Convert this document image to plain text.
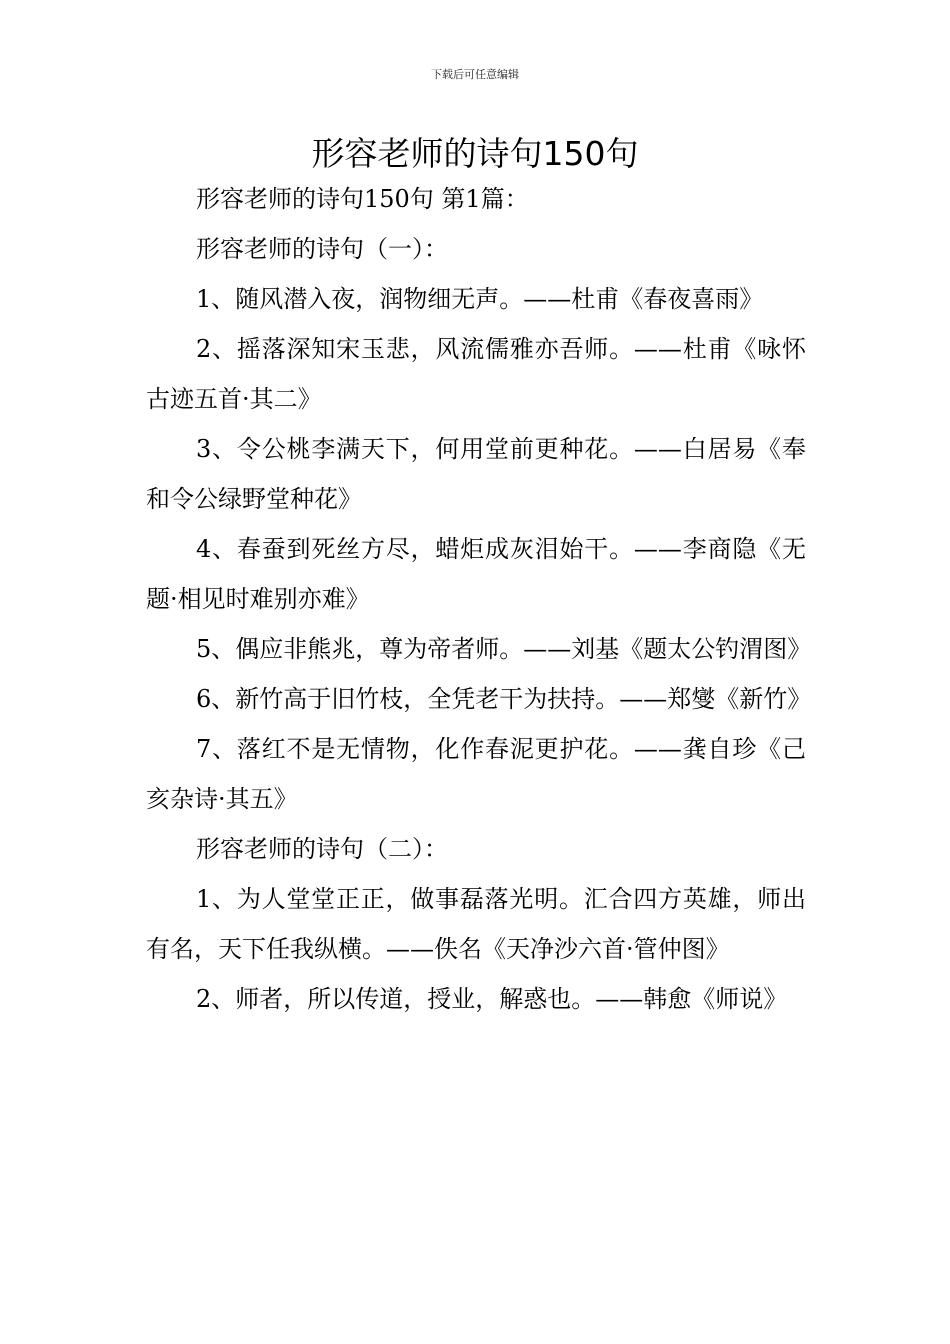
下载后可任意编辑
形容老师的诗句150句

形容老师的诗句150句 第1篇：

形容老师的诗句（一）：

1、随风潜入夜，润物细无声。——杜甫《春夜喜雨》

2、摇落深知宋玉悲，风流儒雅亦吾师。——杜甫《咏怀古迹五首·其二》

3、令公桃李满天下，何用堂前更种花。——白居易《奉和令公绿野堂种花》

4、春蚕到死丝方尽，蜡炬成灰泪始干。——李商隐《无题·相见时难别亦难》

5、偶应非熊兆，尊为帝者师。——刘基《题太公钓渭图》

6、新竹高于旧竹枝，全凭老干为扶持。——郑燮《新竹》

7、落红不是无情物，化作春泥更护花。——龚自珍《己亥杂诗·其五》

形容老师的诗句（二）：

1、为人堂堂正正，做事磊落光明。汇合四方英雄，师出有名，天下任我纵横。——佚名《天净沙六首·管仲图》

2、师者，所以传道，授业，解惑也。——韩愈《师说》
